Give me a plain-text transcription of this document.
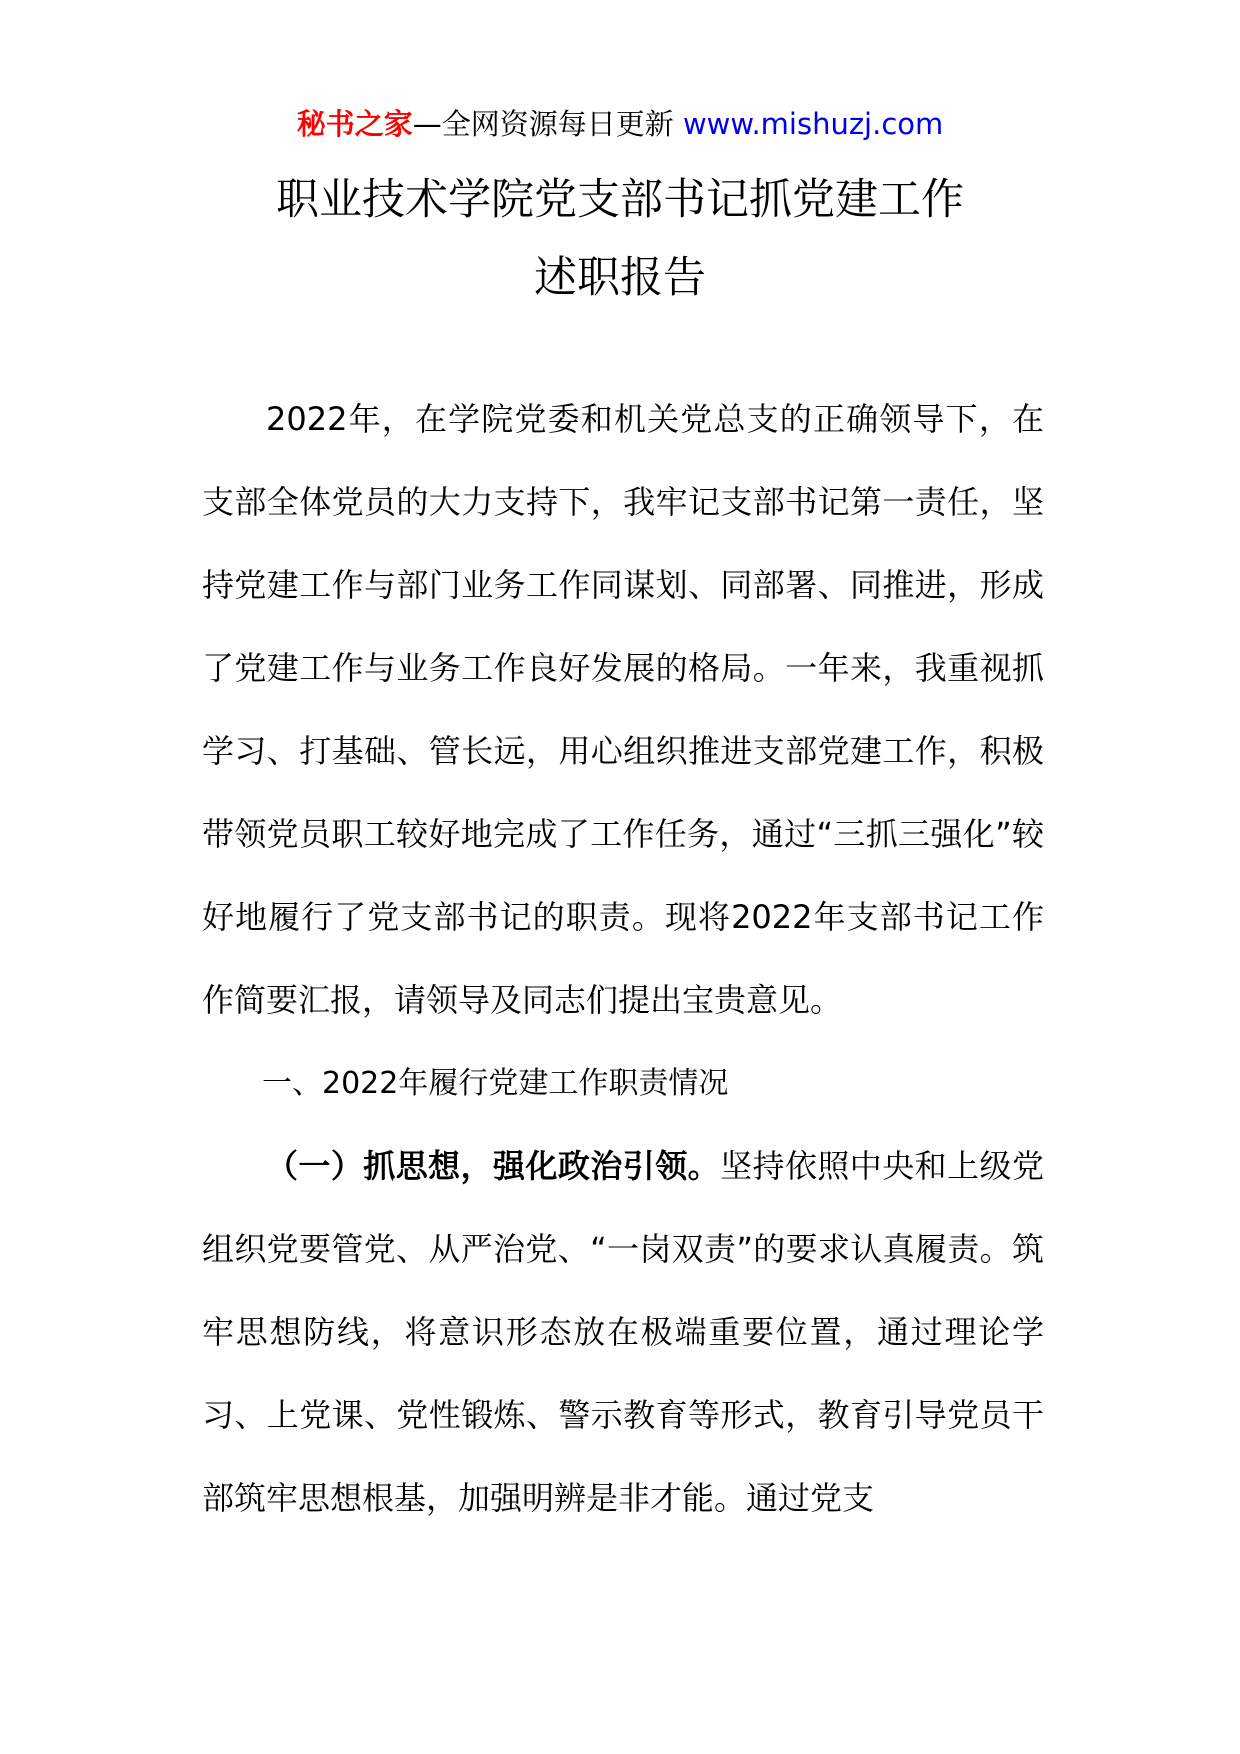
秘书之家—全网资源每日更新 www.mishuzj.com
职业技术学院党支部书记抓党建工作
述职报告

2022年，在学院党委和机关党总支的正确领导下，在支部全体党员的大力支持下，我牢记支部书记第一责任，坚持党建工作与部门业务工作同谋划、同部署、同推进，形成了党建工作与业务工作良好发展的格局。一年来，我重视抓学习、打基础、管长远，用心组织推进支部党建工作，积极带领党员职工较好地完成了工作任务，通过“三抓三强化”较好地履行了党支部书记的职责。现将2022年支部书记工作作简要汇报，请领导及同志们提出宝贵意见。

一、2022年履行党建工作职责情况

（一）抓思想，强化政治引领。坚持依照中央和上级党组织党要管党、从严治党、“一岗双责”的要求认真履责。筑牢思想防线，将意识形态放在极端重要位置，通过理论学习、上党课、党性锻炼、警示教育等形式，教育引导党员干部筑牢思想根基，加强明辨是非才能。通过党支
